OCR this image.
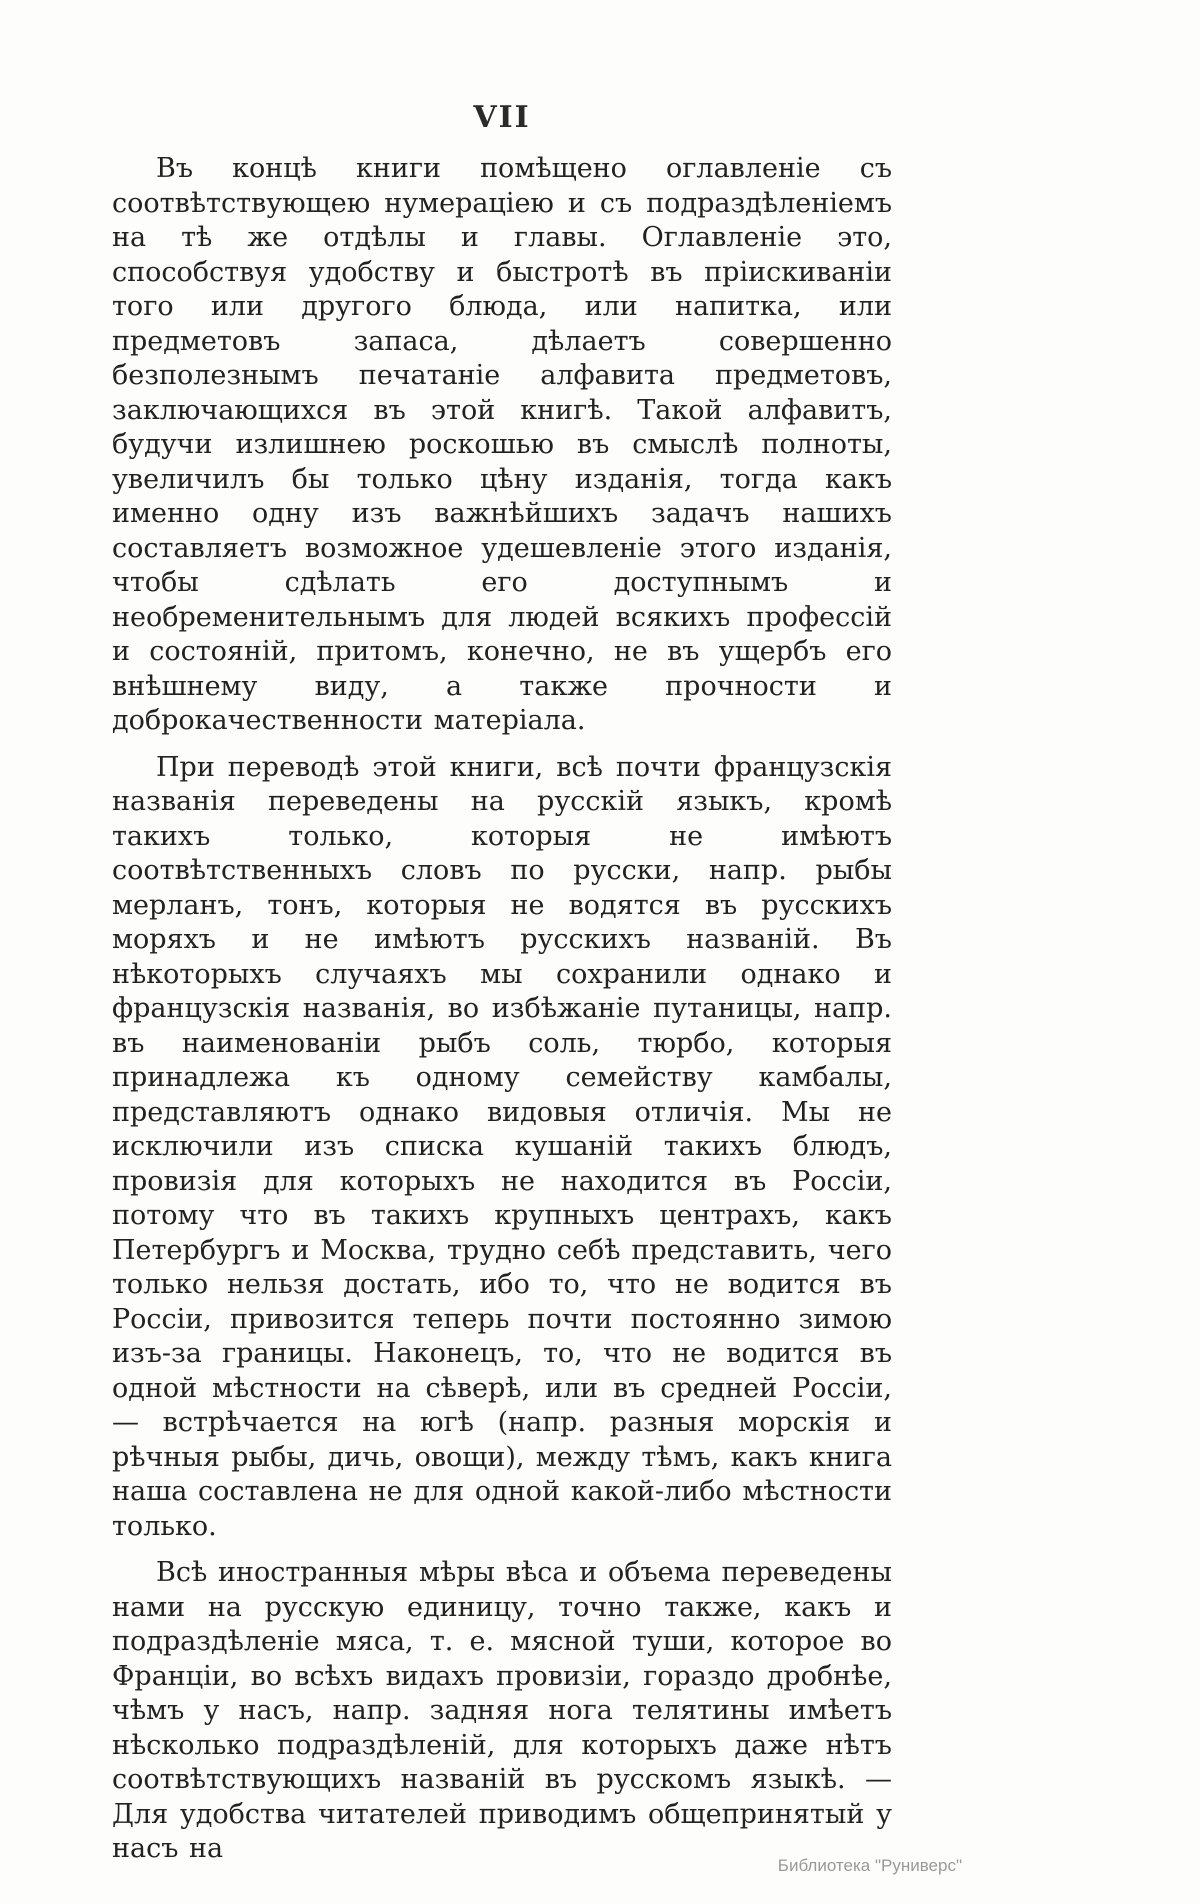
VII

Въ концѣ книги помѣщено оглавленіе съ соотвѣтствующею нумераціею и съ подраздѣленіемъ на тѣ же отдѣлы и главы. Оглавленіе это, способствуя удобству и быстротѣ въ пріискиваніи того или другого блюда, или напитка, или предметовъ запаса, дѣлаетъ совершенно безполезнымъ печатаніе алфавита предметовъ, заключающихся въ этой книгѣ. Такой алфавитъ, будучи излишнею роскошью въ смыслѣ полноты, увеличилъ бы только цѣну изданія, тогда какъ именно одну изъ важнѣйшихъ задачъ нашихъ составляетъ возможное удешевленіе этого изданія, чтобы сдѣлать его доступнымъ и необременительнымъ для людей всякихъ профессій и состояній, притомъ, конечно, не въ ущербъ его внѣшнему виду, а также прочности и доброкачественности матеріала.

При переводѣ этой книги, всѣ почти французскія названія переведены на русскій языкъ, кромѣ такихъ только, которыя не имѣютъ соотвѣтственныхъ словъ по русски, напр. рыбы мерланъ, тонъ, которыя не водятся въ русскихъ моряхъ и не имѣютъ русскихъ названій. Въ нѣкоторыхъ случаяхъ мы сохранили однако и французскія названія, во избѣжаніе путаницы, напр. въ наименованіи рыбъ соль, тюрбо, которыя принадлежа къ одному семейству камбалы, представляютъ однако видовыя отличія. Мы не исключили изъ списка кушаній такихъ блюдъ, провизія для которыхъ не находится въ Россіи, потому что въ такихъ крупныхъ центрахъ, какъ Петербургъ и Москва, трудно себѣ представить, чего только нельзя достать, ибо то, что не водится въ Россіи, привозится теперь почти постоянно зимою изъ-за границы. Наконецъ, то, что не водится въ одной мѣстности на сѣверѣ, или въ средней Россіи, — встрѣчается на югѣ (напр. разныя морскія и рѣчныя рыбы, дичь, овощи), между тѣмъ, какъ книга наша составлена не для одной какой-либо мѣстности только.

Всѣ иностранныя мѣры вѣса и объема переведены нами на русскую единицу, точно также, какъ и подраздѣленіе мяса, т. е. мясной туши, которое во Франціи, во всѣхъ видахъ провизіи, гораздо дробнѣе, чѣмъ у насъ, напр. задняя нога телятины имѣетъ нѣсколько подраздѣленій, для которыхъ даже нѣтъ соотвѣтствующихъ названій въ русскомъ языкѣ. — Для удобства читателей приводимъ общепринятый у насъ на

Библиотека "Руниверс"
